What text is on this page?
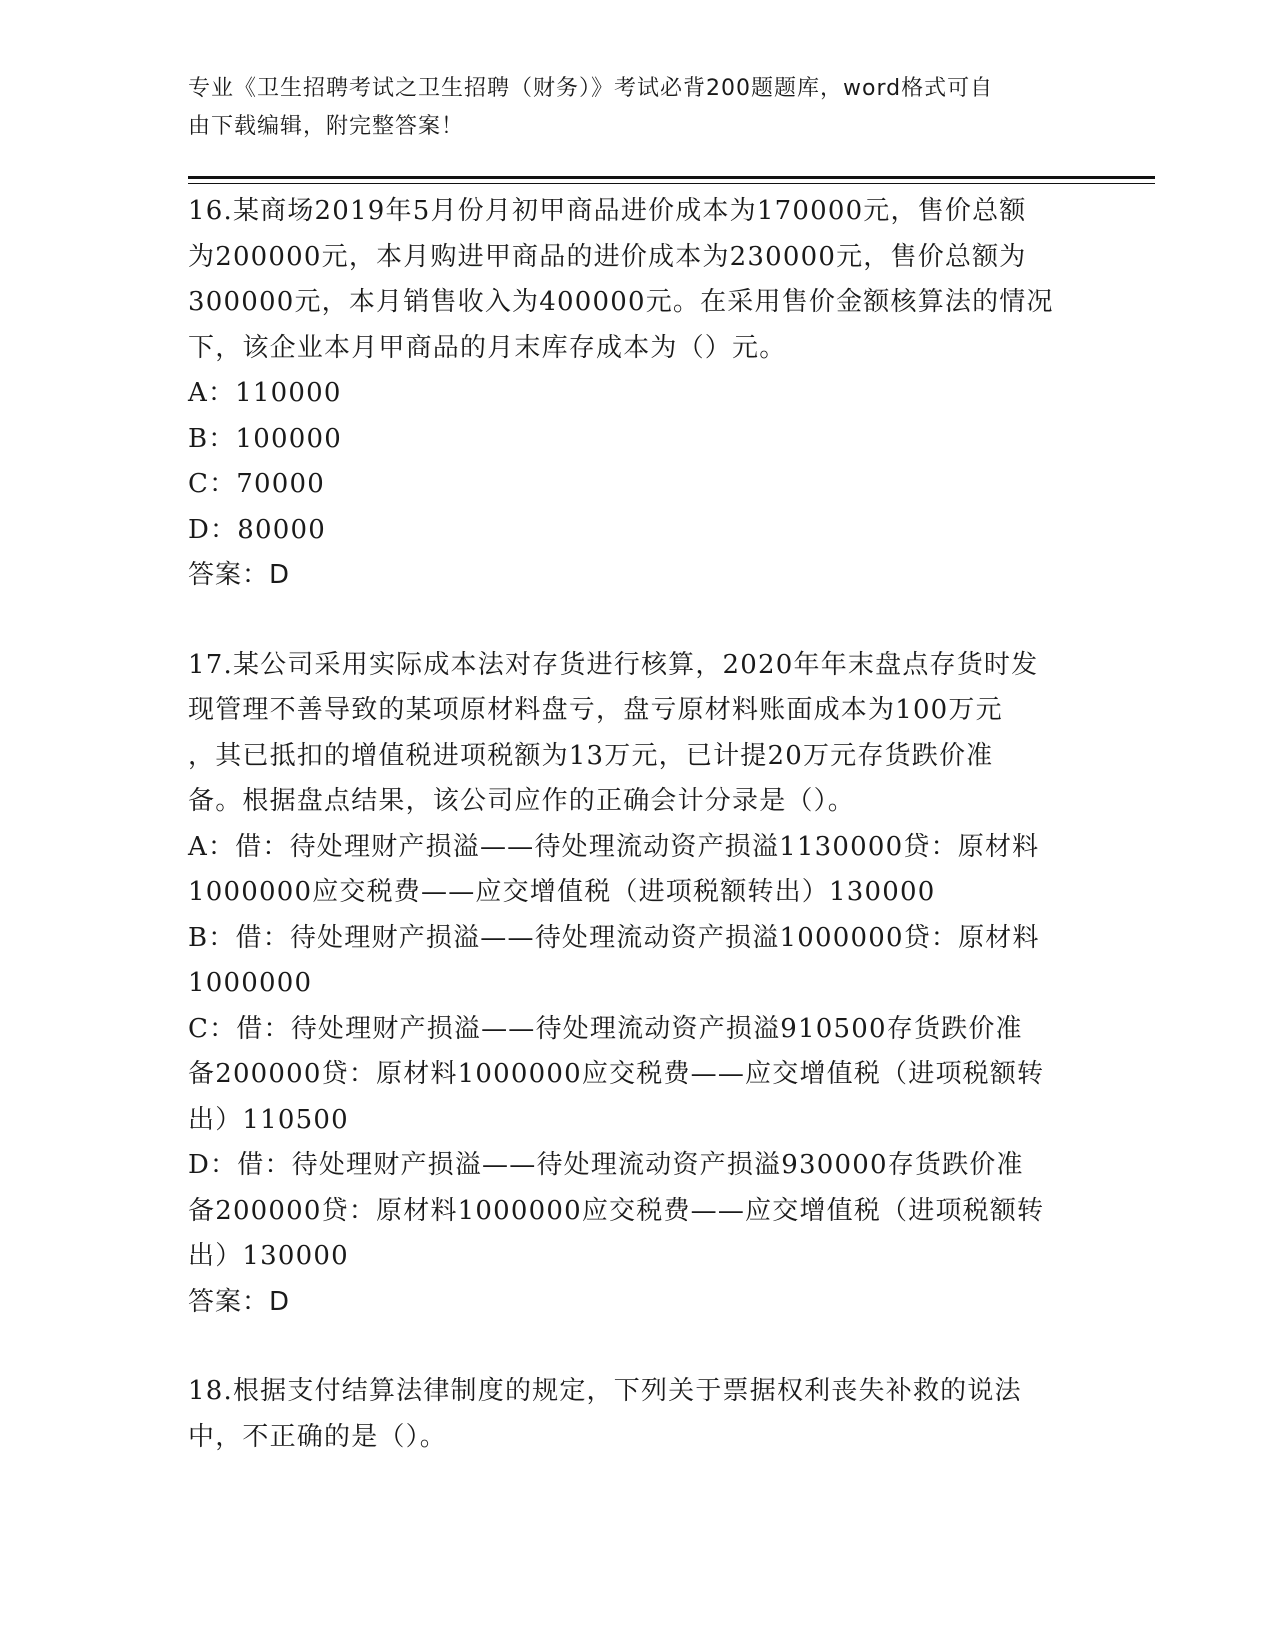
专业《卫生招聘考试之卫生招聘（财务）》考试必背200题题库，word格式可自
由下载编辑，附完整答案！

16.某商场2019年5月份月初甲商品进价成本为170000元，售价总额

为200000元，本月购进甲商品的进价成本为230000元，售价总额为

300000元，本月销售收入为400000元。在采用售价金额核算法的情况

下，该企业本月甲商品的月末库存成本为（）元。

A：110000

B：100000

C：70000

D：80000

答案：D

17.某公司采用实际成本法对存货进行核算，2020年年末盘点存货时发

现管理不善导致的某项原材料盘亏，盘亏原材料账面成本为100万元

，其已抵扣的增值税进项税额为13万元，已计提20万元存货跌价准

备。根据盘点结果，该公司应作的正确会计分录是（）。

A：借：待处理财产损溢——待处理流动资产损溢1130000贷：原材料

1000000应交税费——应交增值税（进项税额转出）130000

B：借：待处理财产损溢——待处理流动资产损溢1000000贷：原材料

1000000

C：借：待处理财产损溢——待处理流动资产损溢910500存货跌价准

备200000贷：原材料1000000应交税费——应交增值税（进项税额转

出）110500

D：借：待处理财产损溢——待处理流动资产损溢930000存货跌价准

备200000贷：原材料1000000应交税费——应交增值税（进项税额转

出）130000

答案：D

18.根据支付结算法律制度的规定，下列关于票据权利丧失补救的说法

中，不正确的是（）。
